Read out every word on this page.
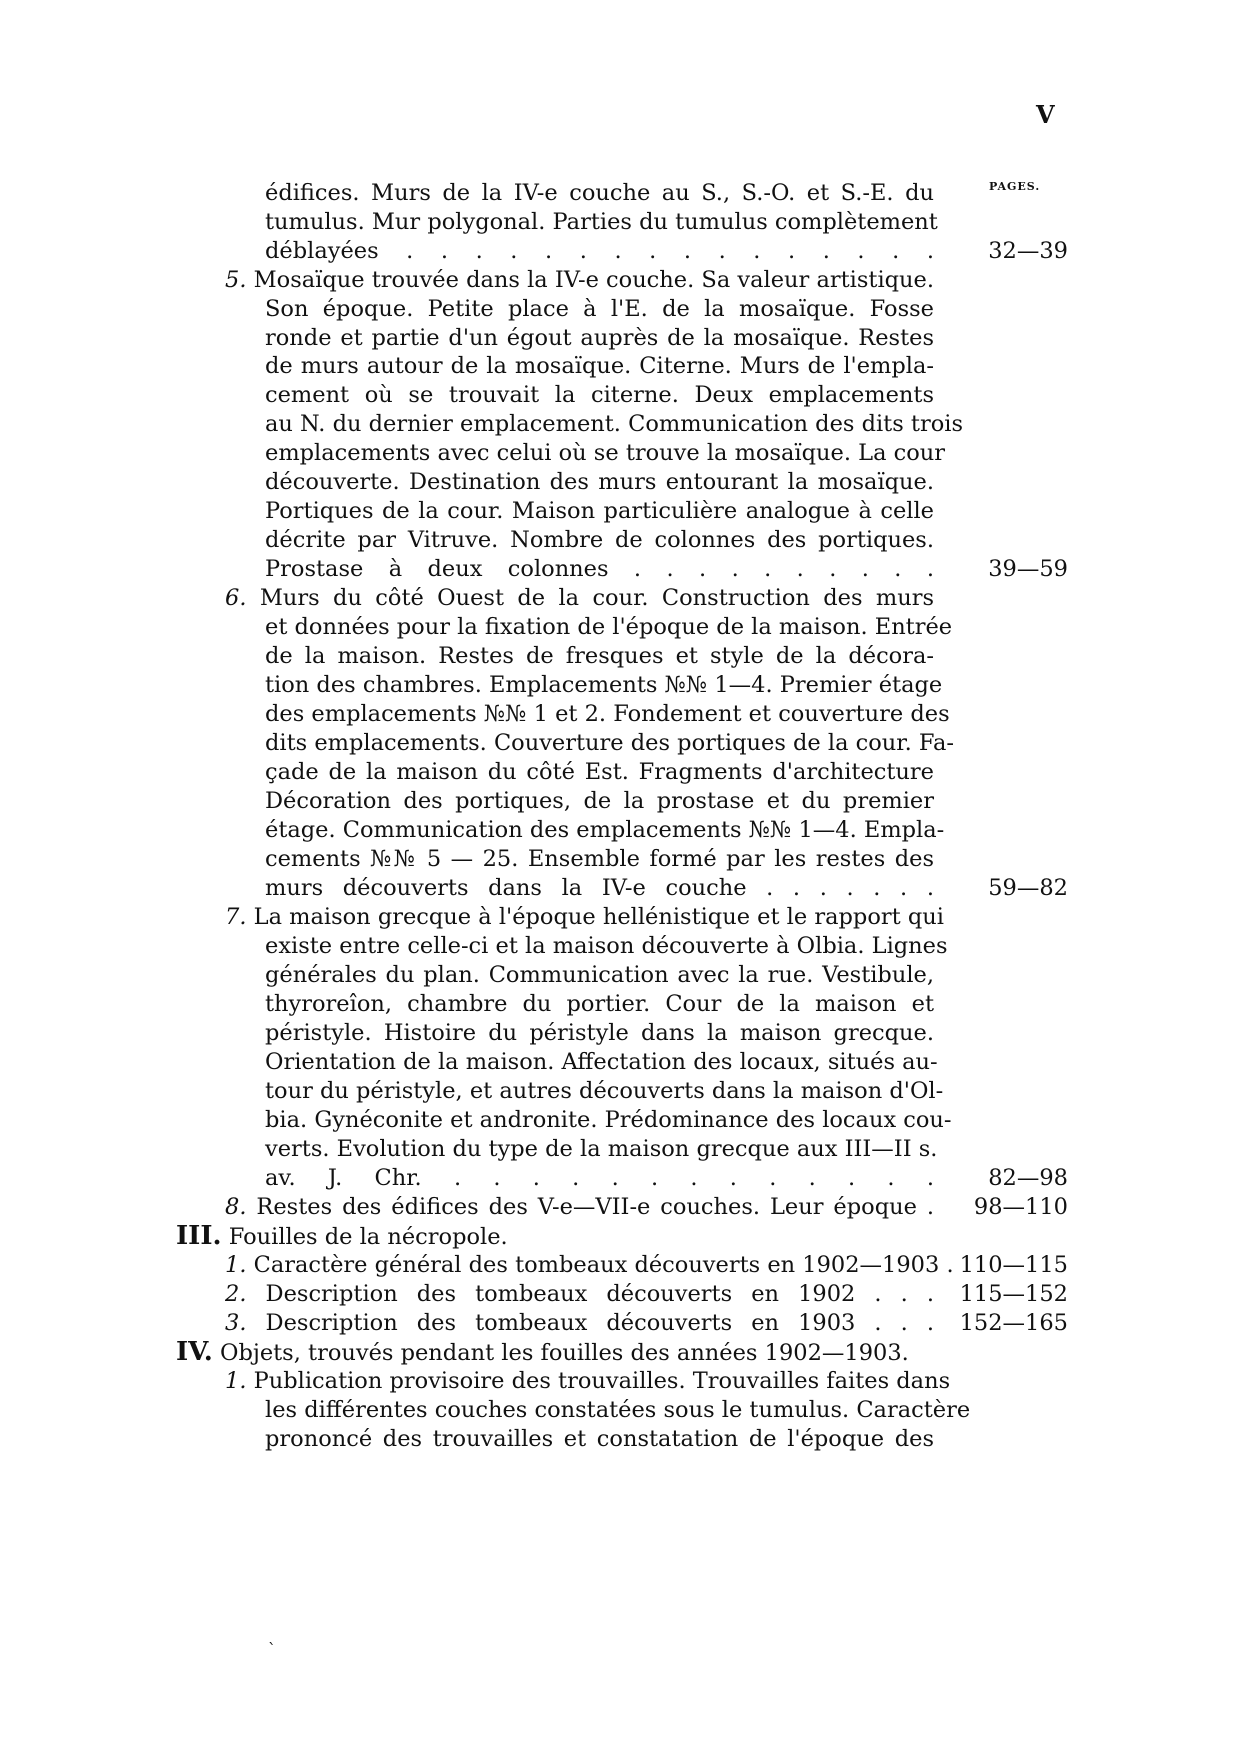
V
PAGES.
édifices. Murs de la IV-e couche au S., S.-O. et S.-E. du
tumulus. Mur polygonal. Parties du tumulus complètement
déblayées . . . . . . . . . . . . . . . .	32—39
5. Mosaïque trouvée dans la IV-e couche. Sa valeur artistique.
Son époque. Petite place à l'E. de la mosaïque. Fosse
ronde et partie d'un égout auprès de la mosaïque. Restes
de murs autour de la mosaïque. Citerne. Murs de l'empla-
cement où se trouvait la citerne. Deux emplacements
au N. du dernier emplacement. Communication des dits trois
emplacements avec celui où se trouve la mosaïque. La cour
découverte. Destination des murs entourant la mosaïque.
Portiques de la cour. Maison particulière analogue à celle
décrite par Vitruve. Nombre de colonnes des portiques.
Prostase à deux colonnes . . . . . . . . . .	39—59
6. Murs du côté Ouest de la cour. Construction des murs
et données pour la fixation de l'époque de la maison. Entrée
de la maison. Restes de fresques et style de la décora-
tion des chambres. Emplacements №№ 1—4. Premier étage
des emplacements №№ 1 et 2. Fondement et couverture des
dits emplacements. Couverture des portiques de la cour. Fa-
çade de la maison du côté Est. Fragments d'architecture
Décoration des portiques, de la prostase et du premier
étage. Communication des emplacements №№ 1—4. Empla-
cements №№ 5 — 25. Ensemble formé par les restes des
murs découverts dans la IV-e couche . . . . . . .	59—82
7. La maison grecque à l'époque hellénistique et le rapport qui
existe entre celle-ci et la maison découverte à Olbia. Lignes
générales du plan. Communication avec la rue. Vestibule,
thyroreîon, chambre du portier. Cour de la maison et
péristyle. Histoire du péristyle dans la maison grecque.
Orientation de la maison. Affectation des locaux, situés au-
tour du péristyle, et autres découverts dans la maison d'Ol-
bia. Gynéconite et andronite. Prédominance des locaux cou-
verts. Evolution du type de la maison grecque aux III—II s.
av. J. Chr. . . . . . . . . . . . . .	82—98
8. Restes des édifices des V-e—VII-e couches. Leur époque .	98—110
III. Fouilles de la nécropole.
1. Caractère général des tombeaux découverts en 1902—1903 . 110—115
2. Description des tombeaux découverts en 1902 . . .	115—152
3. Description des tombeaux découverts en 1903 . . .	152—165
IV. Objets, trouvés pendant les fouilles des années 1902—1903.
1. Publication provisoire des trouvailles. Trouvailles faites dans
les différentes couches constatées sous le tumulus. Caractère
prononcé des trouvailles et constatation de l'époque des
`
